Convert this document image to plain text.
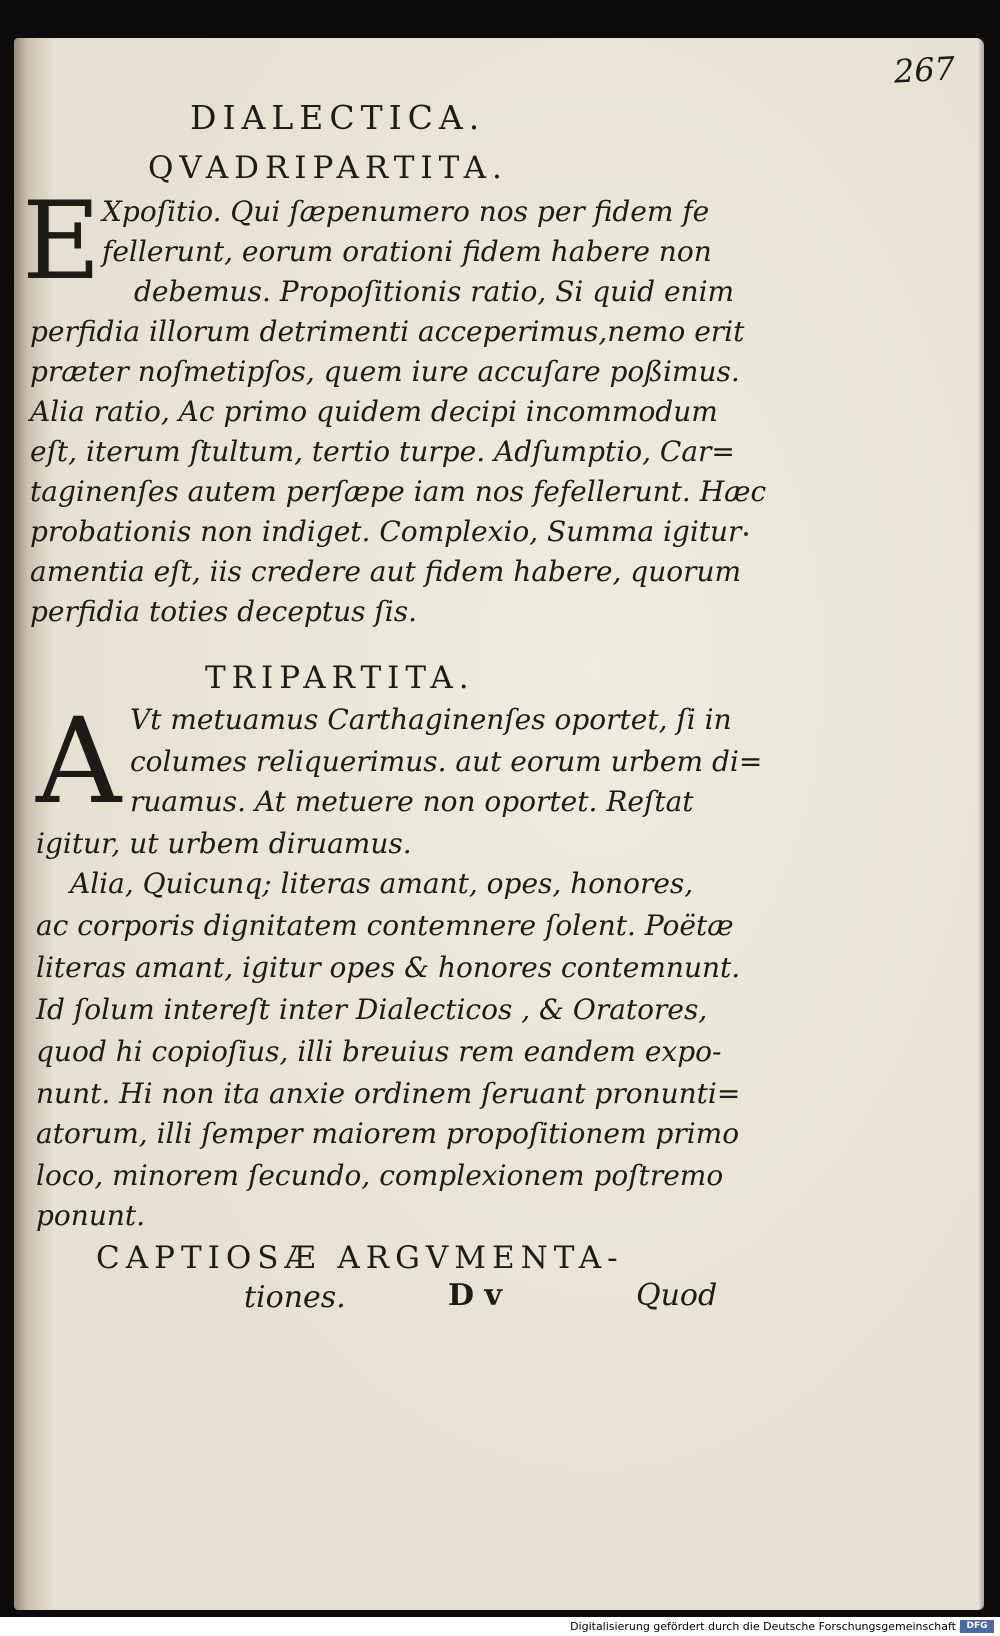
267
DIALECTICA.
QVADRIPARTITA.
E Xpoſitio. Qui ſæpenumero nos per fidem fe
fellerunt, eorum orationi fidem habere non
debemus. Propoſitionis ratio, Si quid enim
perfidia illorum detrimenti acceperimus,nemo erit
præter noſmetipſos, quem iure accuſare poßimus.
Alia ratio, Ac primo quidem decipi incommodum
eſt, iterum ſtultum, tertio turpe. Adſumptio, Car=
taginenſes autem perſæpe iam nos fefellerunt. Hæc
probationis non indiget. Complexio, Summa igitur
amentia eſt, iis credere aut fidem habere, quorum
perfidia toties deceptus ſis.
TRIPARTITA.
A Vt metuamus Carthaginenſes oportet, ſi in
columes reliquerimus. aut eorum urbem di=
ruamus. At metuere non oportet. Reſtat
igitur, ut urbem diruamus.
Alia, Quicunq; literas amant, opes, honores,
ac corporis dignitatem contemnere ſolent. Poëtæ
literas amant, igitur opes & honores contemnunt.
Id ſolum intereſt inter Dialecticos , & Oratores,
quod hi copioſius, illi breuius rem eandem expo-
nunt. Hi non ita anxie ordinem ſeruant pronunti=
atorum, illi ſemper maiorem propoſitionem primo
loco, minorem ſecundo, complexionem poſtremo
ponunt.
CAPTIOSÆ ARGVMENTA-
tiones.	D v	Quod
Digitalisierung gefördert durch die Deutsche Forschungsgemeinschaft	DFG
